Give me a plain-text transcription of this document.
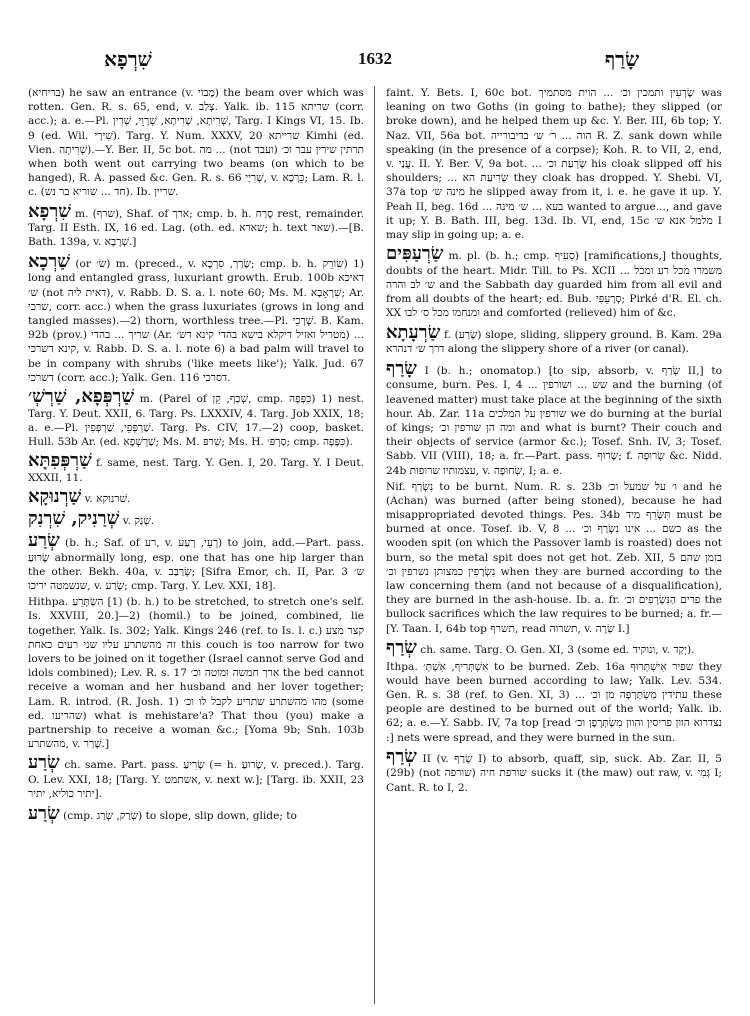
שִׁרְפָא	1632	שָׂרַף

(בריחיא) he saw an entrance (v. מָבוֹי) the beam over which was rotten. Gen. R. s. 65, end, v. צְלַב. Yalk. ib. 115 שריתא (corr. acc.); a. e.—Pl. שְׁרִיתָא, שְׁרִיתָא, שְׁרָוֵי, שְׁרִין, Targ. I Kings VI, 15. Ib. 9 (ed. Wil. שִׁירָי). Targ. Y. Num. XXXV, 20 שרייתא Kimhi (ed. Vien. שְׁרִיתָה).—Y. Ber. II, 5c bot. מה ... (not ועבד) תרתין שירין עבר וכ׳ when both went out carrying two beams (on which to be hanged), R. A. passed &c. Gen. R. s. 66 שְׁרִיָי, v. כֵּרְכָא; Lam. R. l. c. (חד ... שוריא בר נש). Ib. שריין.

שִׁרְפָא m. (שרף), Shaf. of ארך; cmp. b. h. סֶרַח rest, remainder. Targ. II Esth. IX, 16 ed. Lag. (oth. ed. שארא; h. text שאר).—[B. Bath. 139a, v. שְׁרָבָא.]

שַׁרְכָא (or שׂ׳) m. (preced., v. שָׂרַך, סִרְכָא; cmp. b. h. שׂוֹרֵק) 1) long and entangled grass, luxuriant growth. Erub. 100b דאיכא ש׳ (not דאית ליה), v. Rabb. D. S. a. l. note 60; Ms. M. שִׁרְאָבָא; Ar. שרכי, corr. acc.) when the grass luxuriates (grows in long and tangled masses).—2) thorn, worthless tree.—Pl. שָׁרְכֵי. B. Kam. 92b (prov.) שריך ... בהדי (Ar. מטריל ואזיל דיקלא בישא בהדי קינא דש׳) ... קינא דשרכי, v. Rabb. D. S. a. l. note 6) a bad palm will travel to be in company with shrubs ('like meets like'); Yalk. Jud. 67 דשרכי (corr. acc.); Yalk. Gen. 116 דסרכי.

שַׁרְפְּפָא, שַׁרְשְׁ׳ m. (Parel of שְׁכַף, קֵן, cmp. כִּפְּפָה) 1) nest. Targ. Y. Deut. XXII, 6. Targ. Ps. LXXXIV, 4. Targ. Job XXIX, 18; a. e.—Pl. שַׁרְפְּפֵי, שַׁרְפְּפִין. Targ. Ps. CIV, 17.—2) coop, basket. Hull. 53b Ar. (ed. שַׁרְשְׁפָא; Ms. M. שִׁרפּ; Ms. H. סַרְפּ׳; cmp. כִּפְּפָה).

שַׁרְפְּפִתָּא f. same, nest. Targ. Y. Gen. I, 20. Targ. Y. I Deut. XXXII, 11.

שַׁרְנוּקָא v. שׁרנוקא.

שְׁרַנִיק, שִׁרְנִק v. שָׁנַק.

שְׂרַע (b. h.; Saf. of רע, v. רְעֵי, רָעַע) to join, add.—Part. pass. שָׂרוּעַ abnormally long, esp. one that has one hip larger than the other. Bekh. 40a, v. שְׂרַבַּב; [Sifra Emor, ch. II, Par. 3 ש׳ שנשמטה יריכו, v. שָׂרַע; cmp. Targ. Y. Lev. XXI, 18].

Hithpa. הִשְׂתָּרֵעַ [1) (b. h.) to be stretched, to stretch one's self. Is. XXVIII, 20.]—2) (homil.) to be joined, combined, lie together. Yalk. Is. 302; Yalk. Kings 246 (ref. to Is. l. c.) קצר מצע זה מהשתרע עליו שני רעים כאחת this couch is too narrow for two lovers to be joined on it together (Israel cannot serve God and idols combined); Lev. R. s. 17 ארך חמשה ומוטה וכ׳ the bed cannot receive a woman and her husband and her lover together; Lam. R. introd. (R. Josh. 1) מהו מהשתרע שתריע לקבל לו וכ׳ (some ed. שהריעו) what is mehistare'a? That thou (you) make a partnership to receive a woman &c.; [Yoma 9b; Snh. 103b מהשתרע, v. שָׁרַר.]

שְׂרַע ch. same. Part. pass. שְׂרִיעַ (= h. שָׂרוּעַ, v. preced.). Targ. O. Lev. XXI, 18; [Targ. Y. אשתמט, v. next w.]; [Targ. ib. XXII, 23 יתיר כוליא, יתיר].

שְׂרַע (cmp. שְׂרַק, שְׂרַג) to slope, slip down, glide; to

faint. Y. Bets. I, 60c bot. שָׂרְעִין ותמכין וכ׳ ... הוית מסתמיך was leaning on two Goths (in going to bathe); they slipped (or broke down), and he helped them up &c. Y. Ber. III, 6b top; Y. Naz. VII, 56a bot. הוה ... ר׳ ש׳ בדיבורייה R. Z. sank down while speaking (in the presence of a corpse); Koh. R. to VII, 2, end, v. עֲנַי. II. Y. Ber. V, 9a bot. ... שָׂרְעַת וכ׳ his cloak slipped off his shoulders; ... שְׂרִיעַת הא they cloak has dropped. Y. Shebi. VI, 37a top מינה ש׳ he slipped away from it, i. e. he gave it up. Y. Peah II, beg. 16d ... בעא ... ש׳ מינה wanted to argue..., and gave it up; Y. B. Bath. III, beg. 13d. Ib. VI, end, 15c מלמל אנא ש׳ I may slip in going up; a. e.

שַׂרְעַפִּים m. pl. (b. h.; cmp. סְעִיף) [ramifications,] thoughts, doubts of the heart. Midr. Till. to Ps. XCII ... משמרו מכל רע ומכל ש׳ לב והרה and the Sabbath day guarded him from all evil and from all doubts of the heart; ed. Bub. סְרָעֵפִּי; Pirké d'R. El. ch. XX ומנחמו מכל ס׳ לבו and comforted (relieved) him of &c.

שַׂרְעָתָא f. (שְׂרַע) slope, sliding, slippery ground. B. Kam. 29a דרך ש׳ דנהרא along the slippery shore of a river (or canal).

שָׂרַף I (b. h.; onomatop.) [to sip, absorb, v. שְׂרַף II,] to consume, burn. Pes. I, 4 ... שש ... ושורפין and the burning (of leavened matter) must take place at the beginning of the sixth hour. Ab. Zar. 11a שורפין על המלכים we do burning at the burial of kings; ומה הן שורפין וכ׳ and what is burnt? Their couch and their objects of service (armor &c.); Tosef. Snh. IV, 3; Tosef. Sabb. VII (VIII), 18; a. fr.—Part. pass. שָׂרוּף; f. שְׂרוּפָה &c. Nidd. 24b עצמותיו שרופות, v. שְׂחוּפָה, I; a. e.

Nif. נִשְׂרַף to be burnt. Num. R. s. 23b ו׳ על שמעל וכ׳ and he (Achan) was burned (after being stoned), because he had misappropriated devoted things. Pes. 34b תִּשָּׂרֵף מיד must be burned at once. Tosef. ib. V, 8 ... כשם ... אינו נִשְׂרַף וכ׳ as the wooden spit (on which the Passover lamb is roasted) does not burn, so the metal spit does not get hot. Zeb. XII, 5 בזמן שהם נִשְׂרָפִין כמצותן נשרפין וכ׳ when they are burned according to the law concerning them (and not because of a disqualification), they are burned in the ash-house. Ib. a. fr. פרים הַנִּשְׂרָפִים וכ׳ the bullock sacrifices which the law requires to be burned; a. fr.—[Y. Taan. I, 64b top תשרף, read תשרוה, v. שְׂרָה I.]

שְׂרַף ch. same. Targ. O. Gen. XI, 3 (some ed. ונוקיד, v. יְקַד).

Ithpa. אִשְׁתְּרִיף, אִשְׁתְּ׳ to be burned. Zeb. 16a שפיר אִישְׁתְּרוּף they would have been burned according to law; Yalk. Lev. 534. Gen. R. s. 38 (ref. to Gen. XI, 3) ... עתידין מִשְׂתַּרְפָּה מן וכ׳ these people are destined to be burned out of the world; Yalk. ib. 62; a. e.—Y. Sabb. IV, 7a top [read נצדרוא הוון פריסין והוון מִשְׂתָּרְפָן וכ׳ :] nets were spread, and they were burned in the sun.

שְׂרַף II (v. שְׂרַף I) to absorb, quaff, sip, suck. Ab. Zar. II, 5 (29b) (not שורפה) שורפת חיה sucks it (the maw) out raw, v. גְּמִי I; Cant. R. to I, 2.
